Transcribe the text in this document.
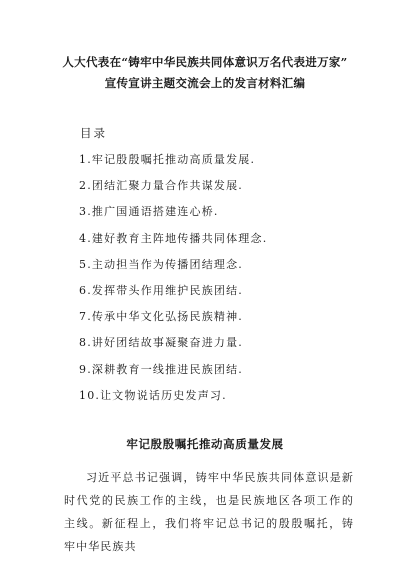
人大代表在“铸牢中华民族共同体意识万名代表进万家”
宣传宣讲主题交流会上的发言材料汇编
目录
1.牢记殷殷嘱托推动高质量发展.
2.团结汇聚力量合作共谋发展.
3.推广国通语搭建连心桥.
4.建好教育主阵地传播共同体理念.
5.主动担当作为传播团结理念.
6.发挥带头作用维护民族团结.
7.传承中华文化弘扬民族精神.
8.讲好团结故事凝聚奋进力量.
9.深耕教育一线推进民族团结.
10.让文物说话历史发声习.
牢记殷殷嘱托推动高质量发展

习近平总书记强调，铸牢中华民族共同体意识是新时代党的民族工作的主线，也是民族地区各项工作的主线。新征程上，我们将牢记总书记的殷殷嘱托，铸牢中华民族共
